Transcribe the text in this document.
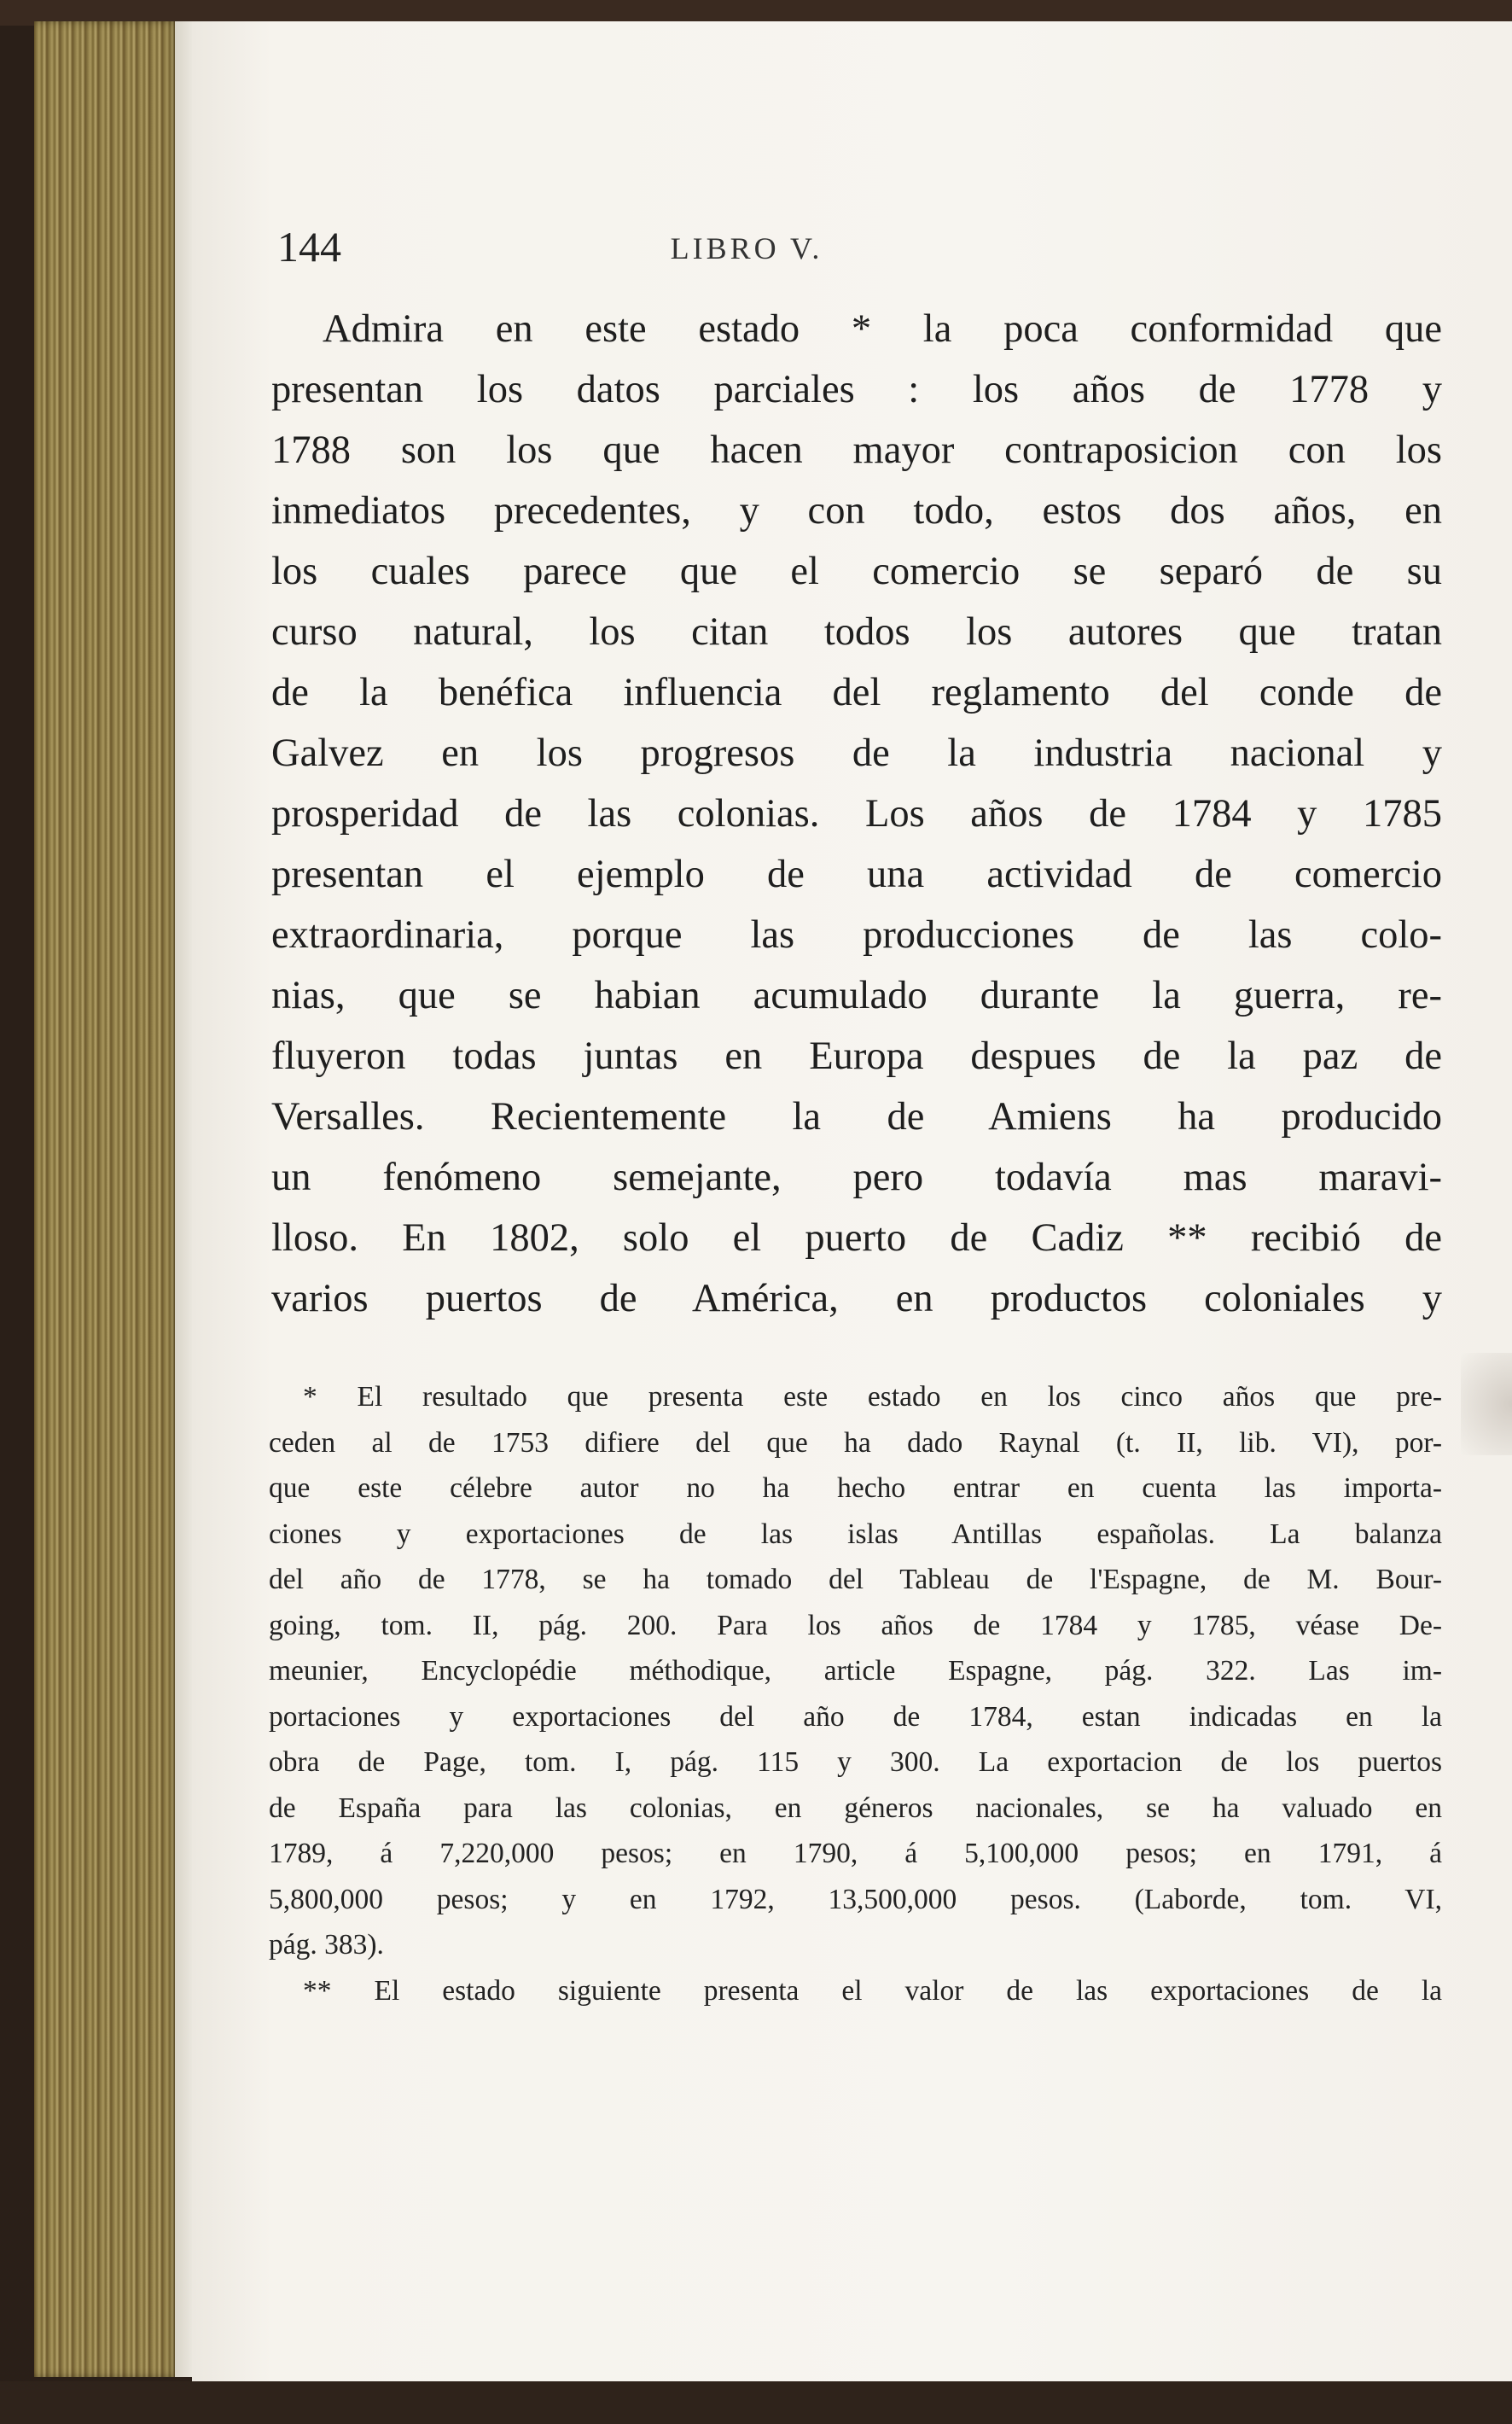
144	LIBRO V.
Admira en este estado * la poca conformidad que
presentan los datos parciales : los años de 1778 y
1788 son los que hacen mayor contraposicion con los
inmediatos precedentes, y con todo, estos dos años, en
los cuales parece que el comercio se separó de su
curso natural, los citan todos los autores que tratan
de la benéfica influencia del reglamento del conde de
Galvez en los progresos de la industria nacional y
prosperidad de las colonias. Los años de 1784 y 1785
presentan el ejemplo de una actividad de comercio
extraordinaria, porque las producciones de las colo-
nias, que se habian acumulado durante la guerra, re-
fluyeron todas juntas en Europa despues de la paz de
Versalles. Recientemente la de Amiens ha producido
un fenómeno semejante, pero todavía mas maravi-
lloso. En 1802, solo el puerto de Cadiz ** recibió de
varios puertos de América, en productos coloniales y
* El resultado que presenta este estado en los cinco años que pre-
ceden al de 1753 difiere del que ha dado Raynal (t. II, lib. VI), por-
que este célebre autor no ha hecho entrar en cuenta las importa-
ciones y exportaciones de las islas Antillas españolas. La balanza
del año de 1778, se ha tomado del Tableau de l'Espagne, de M. Bour-
going, tom. II, pág. 200. Para los años de 1784 y 1785, véase De-
meunier, Encyclopédie méthodique, article Espagne, pág. 322. Las im-
portaciones y exportaciones del año de 1784, estan indicadas en la
obra de Page, tom. I, pág. 115 y 300. La exportacion de los puertos
de España para las colonias, en géneros nacionales, se ha valuado en
1789, á 7,220,000 pesos; en 1790, á 5,100,000 pesos; en 1791, á
5,800,000 pesos; y en 1792, 13,500,000 pesos. (Laborde, tom. VI,
pág. 383).
** El estado siguiente presenta el valor de las exportaciones de la
